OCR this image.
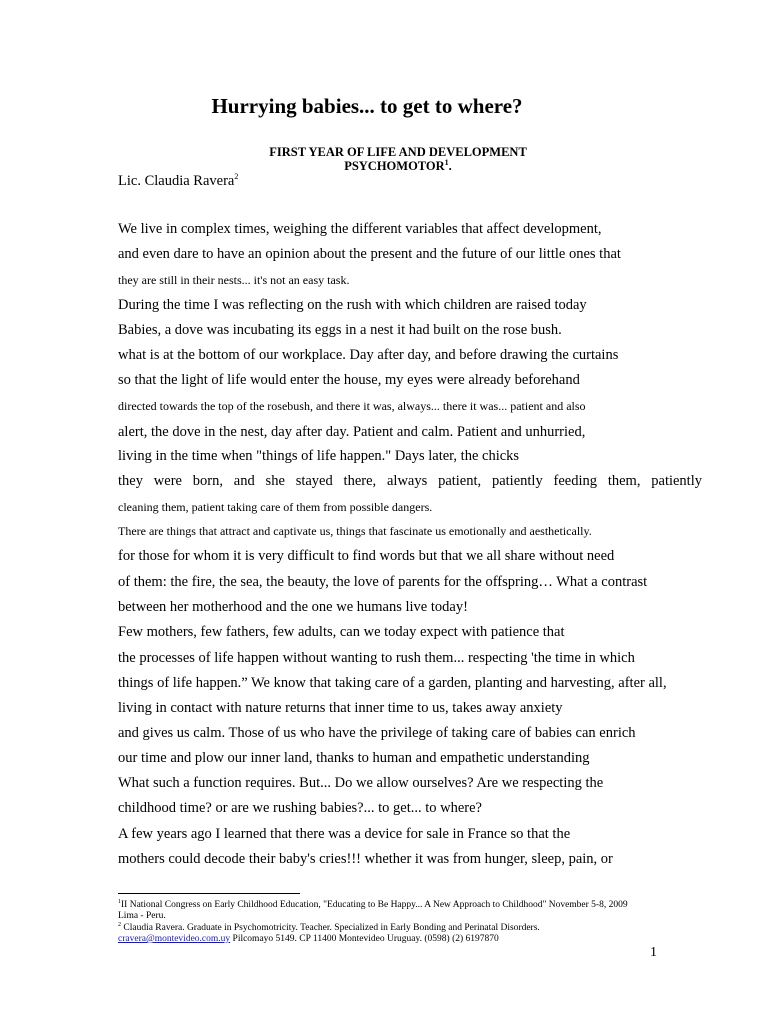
Hurrying babies... to get to where?
FIRST YEAR OF LIFE AND DEVELOPMENT
PSYCHOMOTOR$^1$.
Lic. Claudia Ravera$^2$
We live in complex times, weighing the different variables that affect development,
and even dare to have an opinion about the present and the future of our little ones that
they are still in their nests... it's not an easy task.
During the time I was reflecting on the rush with which children are raised today
Babies, a dove was incubating its eggs in a nest it had built on the rose bush.
what is at the bottom of our workplace. Day after day, and before drawing the curtains
so that the light of life would enter the house, my eyes were already beforehand
directed towards the top of the rosebush, and there it was, always... there it was... patient and also
alert, the dove in the nest, day after day. Patient and calm. Patient and unhurried,
living in the time when "things of life happen." Days later, the chicks
they were born, and she stayed there, always patient, patiently feeding them, patiently
cleaning them, patient taking care of them from possible dangers.
There are things that attract and captivate us, things that fascinate us emotionally and aesthetically.
for those for whom it is very difficult to find words but that we all share without need
of them: the fire, the sea, the beauty, the love of parents for the offspring… What a contrast
between her motherhood and the one we humans live today!
Few mothers, few fathers, few adults, can we today expect with patience that
the processes of life happen without wanting to rush them... respecting 'the time in which
things of life happen.” We know that taking care of a garden, planting and harvesting, after all,
living in contact with nature returns that inner time to us, takes away anxiety
and gives us calm. Those of us who have the privilege of taking care of babies can enrich
our time and plow our inner land, thanks to human and empathetic understanding
What such a function requires. But... Do we allow ourselves? Are we respecting the
childhood time? or are we rushing babies?... to get... to where?
A few years ago I learned that there was a device for sale in France so that the
mothers could decode their baby's cries!!! whether it was from hunger, sleep, pain, or
$^1$II National Congress on Early Childhood Education, "Educating to Be Happy... A New Approach to Childhood" November 5-8, 2009
Lima - Peru.
$^2$ Claudia Ravera. Graduate in Psychomotricity. Teacher. Specialized in Early Bonding and Perinatal Disorders.
cravera@montevideo.com.uy Pilcomayo 5149. CP 11400 Montevideo Uruguay. (0598) (2) 6197870
1
